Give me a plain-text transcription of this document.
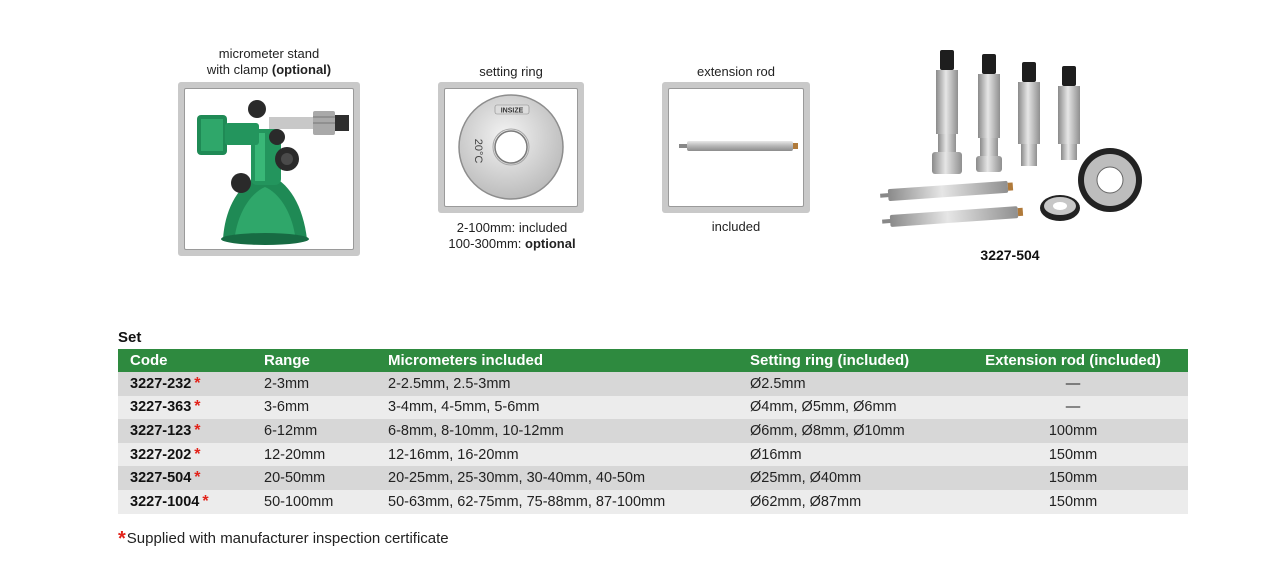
micrometer stand
with clamp (optional)	setting ring
INSIZE
20°C
2-100mm: included
100-300mm: optional
extension rod
included
3227-504
Set
Code	Range	Micrometers included	Setting ring (included)	Extension rod (included)
3227-232 *	2-3mm	2-2.5mm, 2.5-3mm	Ø2.5mm	—
3227-363 *	3-6mm	3-4mm, 4-5mm, 5-6mm	Ø4mm, Ø5mm, Ø6mm	—
3227-123 *	6-12mm	6-8mm, 8-10mm, 10-12mm	Ø6mm, Ø8mm, Ø10mm	100mm
3227-202 *	12-20mm	12-16mm, 16-20mm	Ø16mm	150mm
3227-504 *	20-50mm	20-25mm, 25-30mm, 30-40mm, 40-50m	Ø25mm, Ø40mm	150mm
3227-1004 *	50-100mm	50-63mm, 62-75mm, 75-88mm, 87-100mm	Ø62mm, Ø87mm	150mm
*Supplied with manufacturer inspection certificate
